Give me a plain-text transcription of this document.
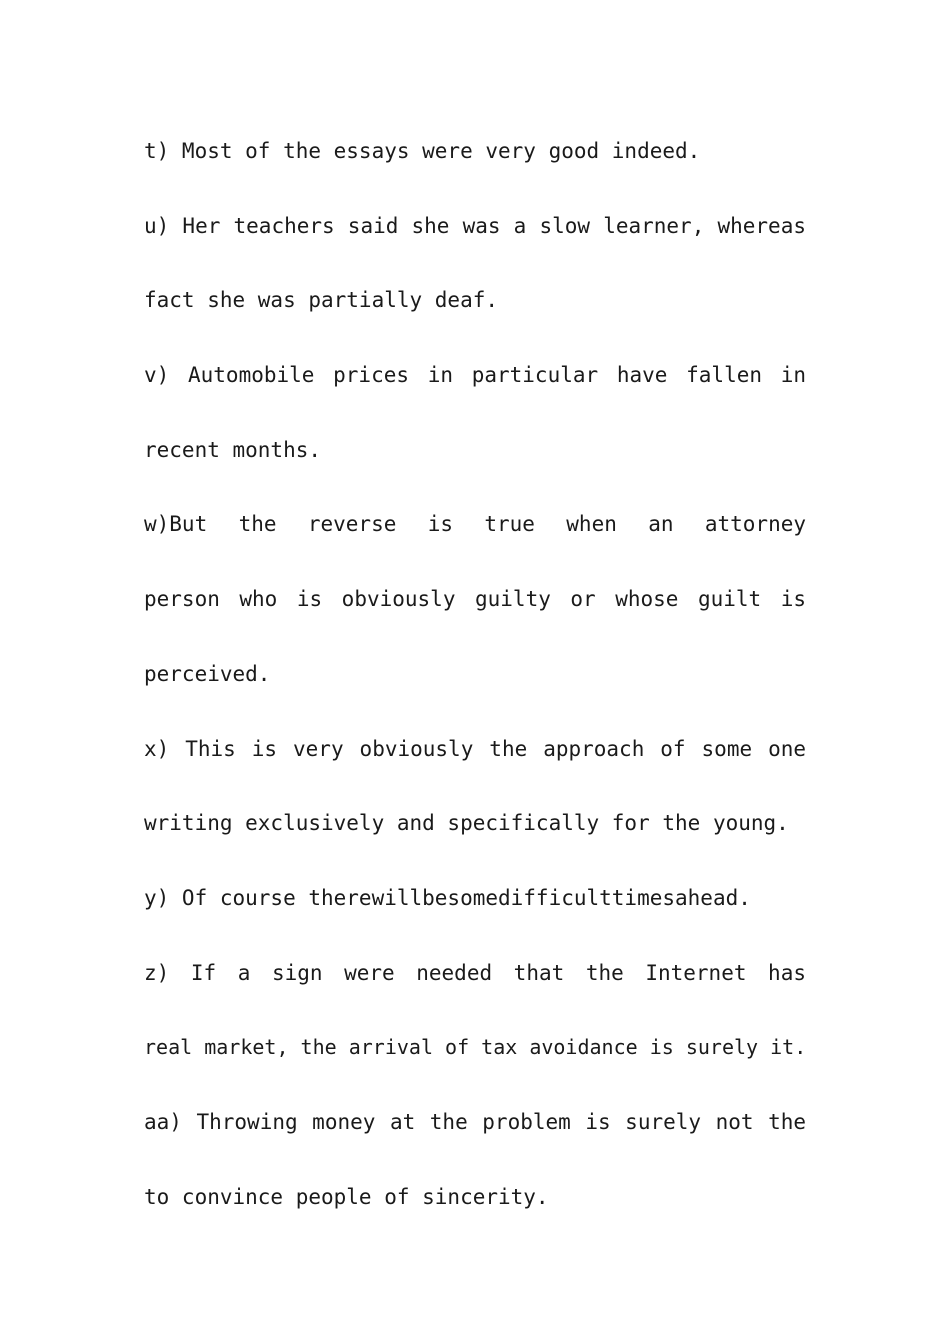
t) Most of the essays were very good indeed.
u) Her teachers said she was a slow learner, whereas
fact she was partially deaf.
v) Automobile prices in particular have fallen in
recent months.
w)But the reverse is true when an attorney
person who is obviously guilty or whose guilt is
perceived.
x) This is very obviously the approach of some one
writing exclusively and specifically for the young.
y) Of course therewillbesomedifficulttimesahead.
z) If a sign were needed that the Internet has
real market, the arrival of tax avoidance is surely it.
aa) Throwing money at the problem is surely not the
to convince people of sincerity.
